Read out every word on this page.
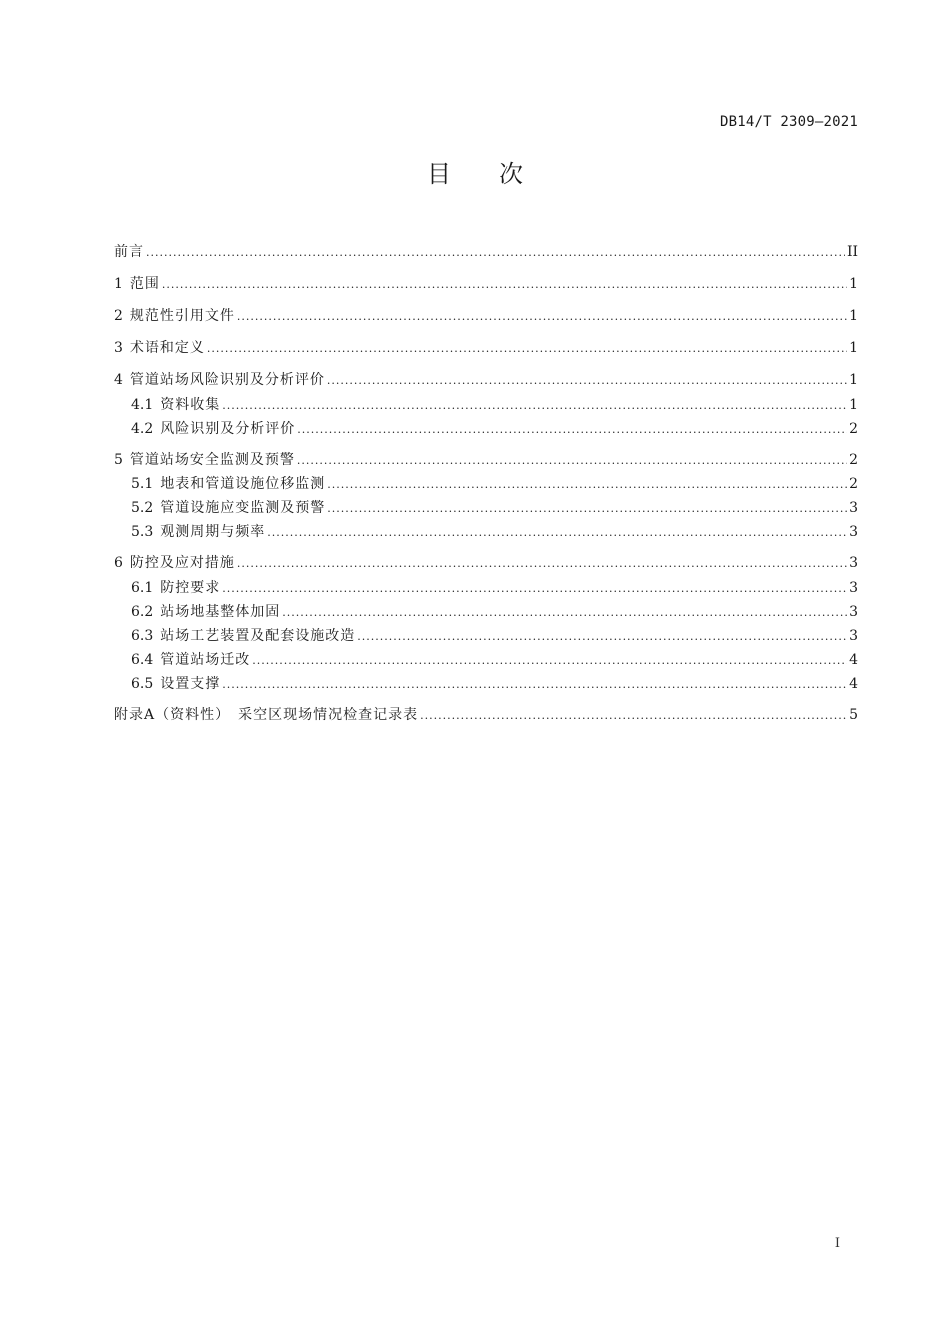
DB14/T 2309—2021
目次
前言 .....	II
1 范围 .....	1
2 规范性引用文件 .....	1
3 术语和定义 .....	1
4 管道站场风险识别及分析评价 .....	1
4.1 资料收集 .....	1
4.2 风险识别及分析评价 .....	2
5 管道站场安全监测及预警 .....	2
5.1 地表和管道设施位移监测 .....	2
5.2 管道设施应变监测及预警 .....	3
5.3 观测周期与频率 .....	3
6 防控及应对措施 .....	3
6.1 防控要求 .....	3
6.2 站场地基整体加固 .....	3
6.3 站场工艺装置及配套设施改造 .....	3
6.4 管道站场迁改 .....	4
6.5 设置支撑 .....	4
附录A（资料性）　采空区现场情况检查记录表 .....	5
I
